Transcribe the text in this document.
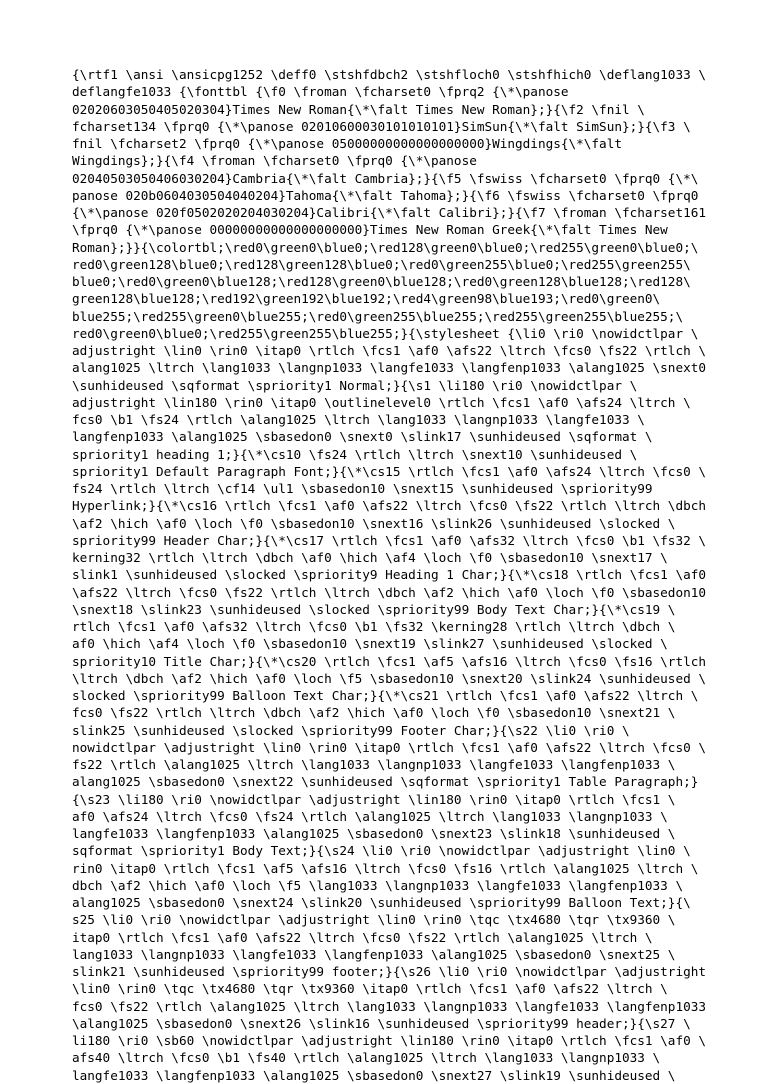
{\rtf1 \ansi \ansicpg1252 \deff0 \stshfdbch2 \stshfloch0 \stshfhich0 \deflang1033 \
deflangfe1033 {\fonttbl {\f0 \froman \fcharset0 \fprq2 {\*\panose
02020603050405020304}Times New Roman{\*\falt Times New Roman};}{\f2 \fnil \
fcharset134 \fprq0 {\*\panose 02010600030101010101}SimSun{\*\falt SimSun};}{\f3 \
fnil \fcharset2 \fprq0 {\*\panose 05000000000000000000}Wingdings{\*\falt
Wingdings};}{\f4 \froman \fcharset0 \fprq0 {\*\panose
02040503050406030204}Cambria{\*\falt Cambria};}{\f5 \fswiss \fcharset0 \fprq0 {\*\
panose 020b0604030504040204}Tahoma{\*\falt Tahoma};}{\f6 \fswiss \fcharset0 \fprq0
{\*\panose 020f0502020204030204}Calibri{\*\falt Calibri};}{\f7 \froman \fcharset161
\fprq0 {\*\panose 00000000000000000000}Times New Roman Greek{\*\falt Times New
Roman};}}{\colortbl;\red0\green0\blue0;\red128\green0\blue0;\red255\green0\blue0;\
red0\green128\blue0;\red128\green128\blue0;\red0\green255\blue0;\red255\green255\
blue0;\red0\green0\blue128;\red128\green0\blue128;\red0\green128\blue128;\red128\
green128\blue128;\red192\green192\blue192;\red4\green98\blue193;\red0\green0\
blue255;\red255\green0\blue255;\red0\green255\blue255;\red255\green255\blue255;\
red0\green0\blue0;\red255\green255\blue255;}{\stylesheet {\li0 \ri0 \nowidctlpar \
adjustright \lin0 \rin0 \itap0 \rtlch \fcs1 \af0 \afs22 \ltrch \fcs0 \fs22 \rtlch \
alang1025 \ltrch \lang1033 \langnp1033 \langfe1033 \langfenp1033 \alang1025 \snext0
\sunhideused \sqformat \spriority1 Normal;}{\s1 \li180 \ri0 \nowidctlpar \
adjustright \lin180 \rin0 \itap0 \outlinelevel0 \rtlch \fcs1 \af0 \afs24 \ltrch \
fcs0 \b1 \fs24 \rtlch \alang1025 \ltrch \lang1033 \langnp1033 \langfe1033 \
langfenp1033 \alang1025 \sbasedon0 \snext0 \slink17 \sunhideused \sqformat \
spriority1 heading 1;}{\*\cs10 \fs24 \rtlch \ltrch \snext10 \sunhideused \
spriority1 Default Paragraph Font;}{\*\cs15 \rtlch \fcs1 \af0 \afs24 \ltrch \fcs0 \
fs24 \rtlch \ltrch \cf14 \ul1 \sbasedon10 \snext15 \sunhideused \spriority99
Hyperlink;}{\*\cs16 \rtlch \fcs1 \af0 \afs22 \ltrch \fcs0 \fs22 \rtlch \ltrch \dbch
\af2 \hich \af0 \loch \f0 \sbasedon10 \snext16 \slink26 \sunhideused \slocked \
spriority99 Header Char;}{\*\cs17 \rtlch \fcs1 \af0 \afs32 \ltrch \fcs0 \b1 \fs32 \
kerning32 \rtlch \ltrch \dbch \af0 \hich \af4 \loch \f0 \sbasedon10 \snext17 \
slink1 \sunhideused \slocked \spriority9 Heading 1 Char;}{\*\cs18 \rtlch \fcs1 \af0
\afs22 \ltrch \fcs0 \fs22 \rtlch \ltrch \dbch \af2 \hich \af0 \loch \f0 \sbasedon10
\snext18 \slink23 \sunhideused \slocked \spriority99 Body Text Char;}{\*\cs19 \
rtlch \fcs1 \af0 \afs32 \ltrch \fcs0 \b1 \fs32 \kerning28 \rtlch \ltrch \dbch \
af0 \hich \af4 \loch \f0 \sbasedon10 \snext19 \slink27 \sunhideused \slocked \
spriority10 Title Char;}{\*\cs20 \rtlch \fcs1 \af5 \afs16 \ltrch \fcs0 \fs16 \rtlch
\ltrch \dbch \af2 \hich \af0 \loch \f5 \sbasedon10 \snext20 \slink24 \sunhideused \
slocked \spriority99 Balloon Text Char;}{\*\cs21 \rtlch \fcs1 \af0 \afs22 \ltrch \
fcs0 \fs22 \rtlch \ltrch \dbch \af2 \hich \af0 \loch \f0 \sbasedon10 \snext21 \
slink25 \sunhideused \slocked \spriority99 Footer Char;}{\s22 \li0 \ri0 \
nowidctlpar \adjustright \lin0 \rin0 \itap0 \rtlch \fcs1 \af0 \afs22 \ltrch \fcs0 \
fs22 \rtlch \alang1025 \ltrch \lang1033 \langnp1033 \langfe1033 \langfenp1033 \
alang1025 \sbasedon0 \snext22 \sunhideused \sqformat \spriority1 Table Paragraph;}
{\s23 \li180 \ri0 \nowidctlpar \adjustright \lin180 \rin0 \itap0 \rtlch \fcs1 \
af0 \afs24 \ltrch \fcs0 \fs24 \rtlch \alang1025 \ltrch \lang1033 \langnp1033 \
langfe1033 \langfenp1033 \alang1025 \sbasedon0 \snext23 \slink18 \sunhideused \
sqformat \spriority1 Body Text;}{\s24 \li0 \ri0 \nowidctlpar \adjustright \lin0 \
rin0 \itap0 \rtlch \fcs1 \af5 \afs16 \ltrch \fcs0 \fs16 \rtlch \alang1025 \ltrch \
dbch \af2 \hich \af0 \loch \f5 \lang1033 \langnp1033 \langfe1033 \langfenp1033 \
alang1025 \sbasedon0 \snext24 \slink20 \sunhideused \spriority99 Balloon Text;}{\
s25 \li0 \ri0 \nowidctlpar \adjustright \lin0 \rin0 \tqc \tx4680 \tqr \tx9360 \
itap0 \rtlch \fcs1 \af0 \afs22 \ltrch \fcs0 \fs22 \rtlch \alang1025 \ltrch \
lang1033 \langnp1033 \langfe1033 \langfenp1033 \alang1025 \sbasedon0 \snext25 \
slink21 \sunhideused \spriority99 footer;}{\s26 \li0 \ri0 \nowidctlpar \adjustright
\lin0 \rin0 \tqc \tx4680 \tqr \tx9360 \itap0 \rtlch \fcs1 \af0 \afs22 \ltrch \
fcs0 \fs22 \rtlch \alang1025 \ltrch \lang1033 \langnp1033 \langfe1033 \langfenp1033
\alang1025 \sbasedon0 \snext26 \slink16 \sunhideused \spriority99 header;}{\s27 \
li180 \ri0 \sb60 \nowidctlpar \adjustright \lin180 \rin0 \itap0 \rtlch \fcs1 \af0 \
afs40 \ltrch \fcs0 \b1 \fs40 \rtlch \alang1025 \ltrch \lang1033 \langnp1033 \
langfe1033 \langfenp1033 \alang1025 \sbasedon0 \snext27 \slink19 \sunhideused \
